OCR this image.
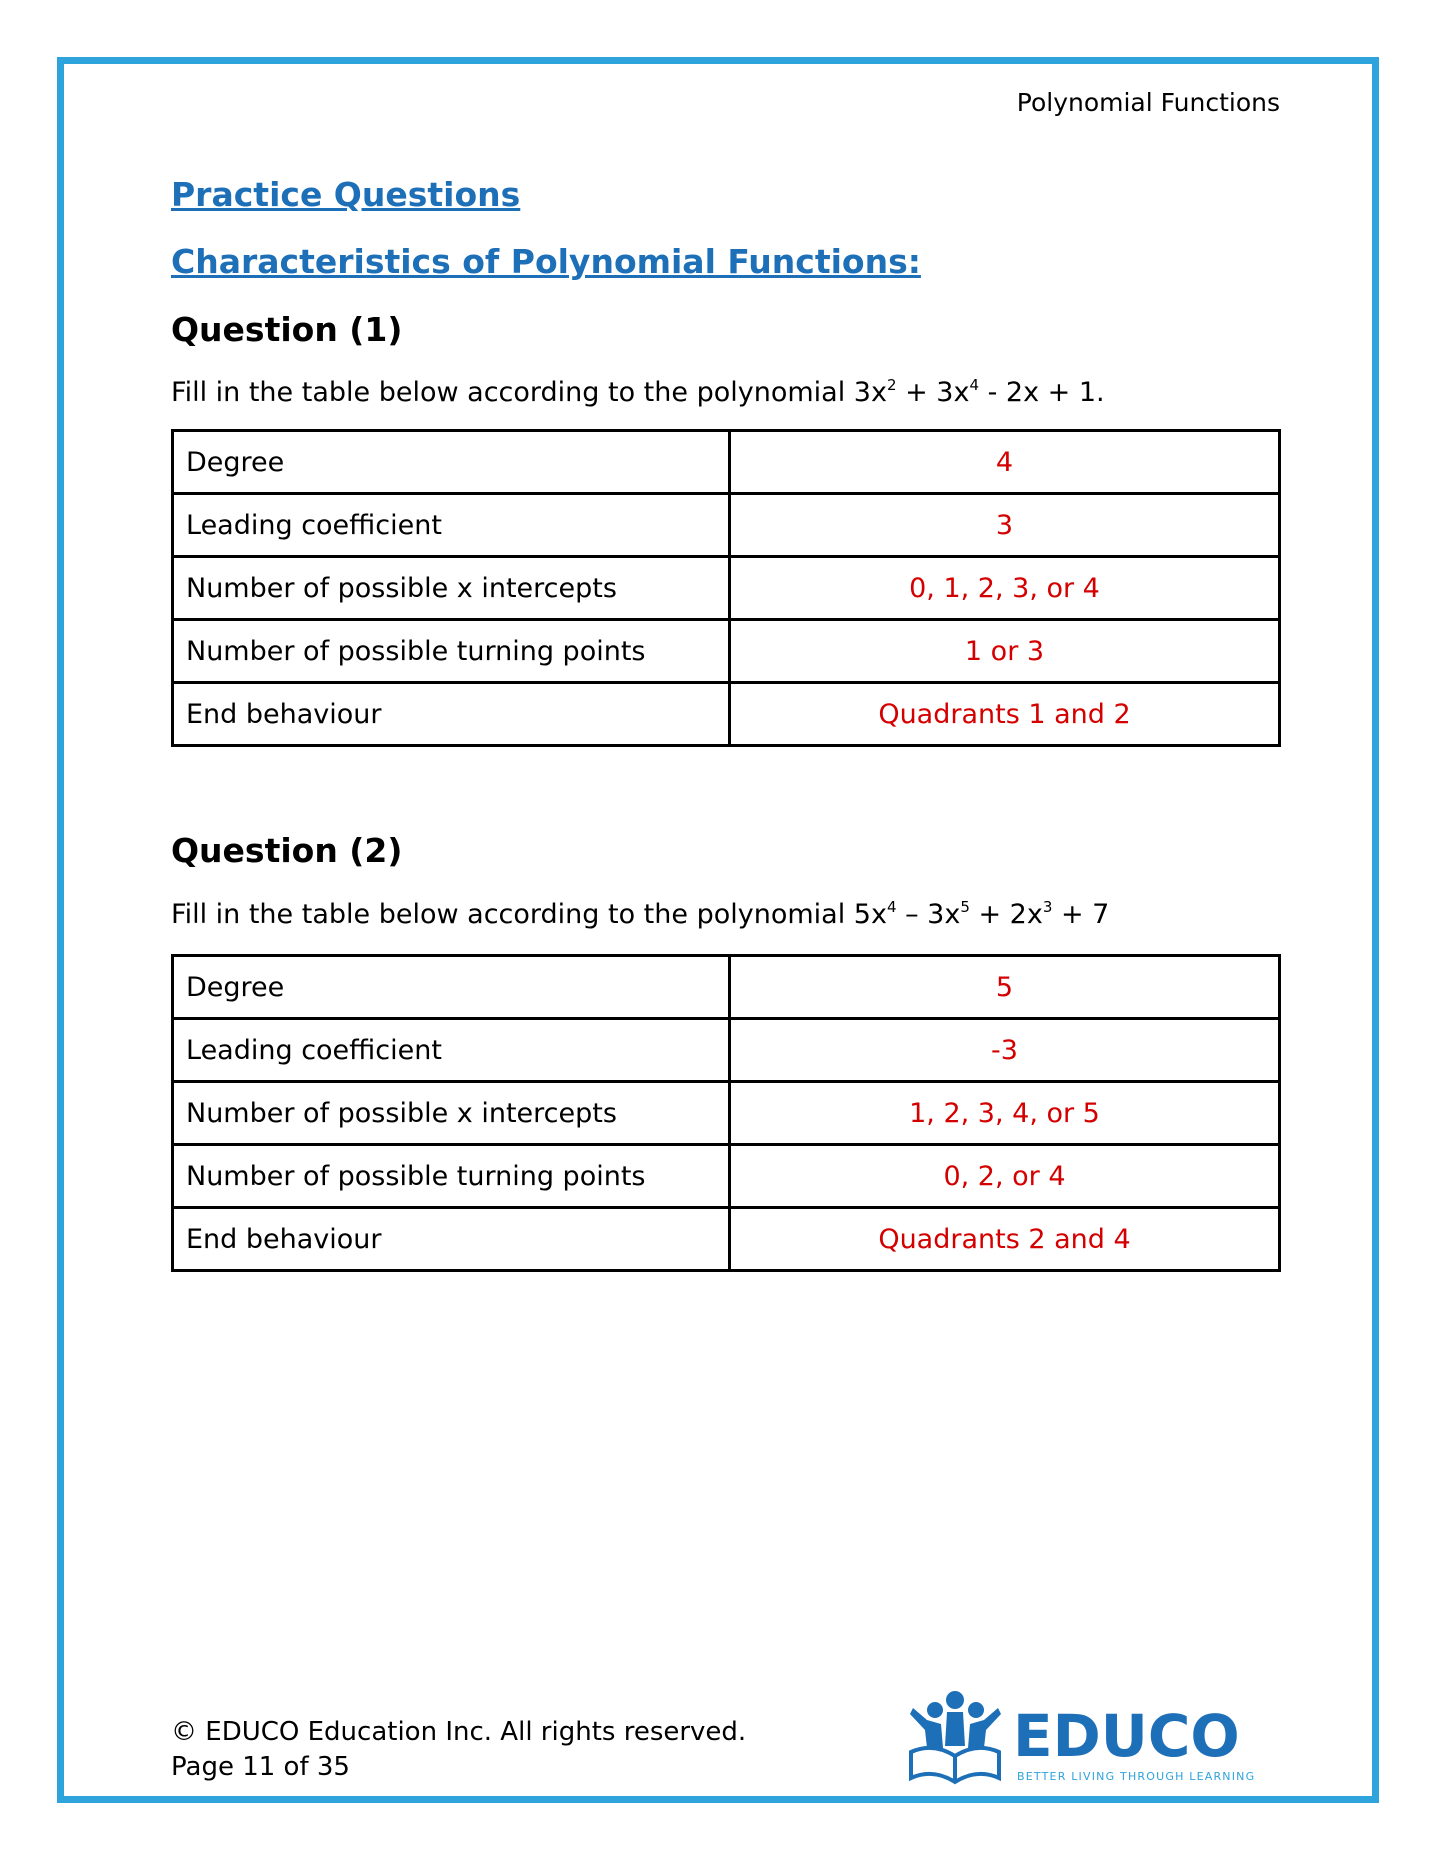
Polynomial Functions
Practice Questions
Characteristics of Polynomial Functions:
Question (1)
Fill in the table below according to the polynomial $3x^2 + 3x^4 - 2x + 1$.
Degree	4
Leading coefficient	3
Number of possible x intercepts	0, 1, 2, 3, or 4
Number of possible turning points	1 or 3
End behaviour	Quadrants 1 and 2
Question (2)
Fill in the table below according to the polynomial $5x^4 - 3x^5 + 2x^3 + 7$
Degree	5
Leading coefficient	-3
Number of possible x intercepts	1, 2, 3, 4, or 5
Number of possible turning points	0, 2, or 4
End behaviour	Quadrants 2 and 4
© EDUCO Education Inc. All rights reserved.
Page 11 of 35	EDUCO
BETTER LIVING THROUGH LEARNING
